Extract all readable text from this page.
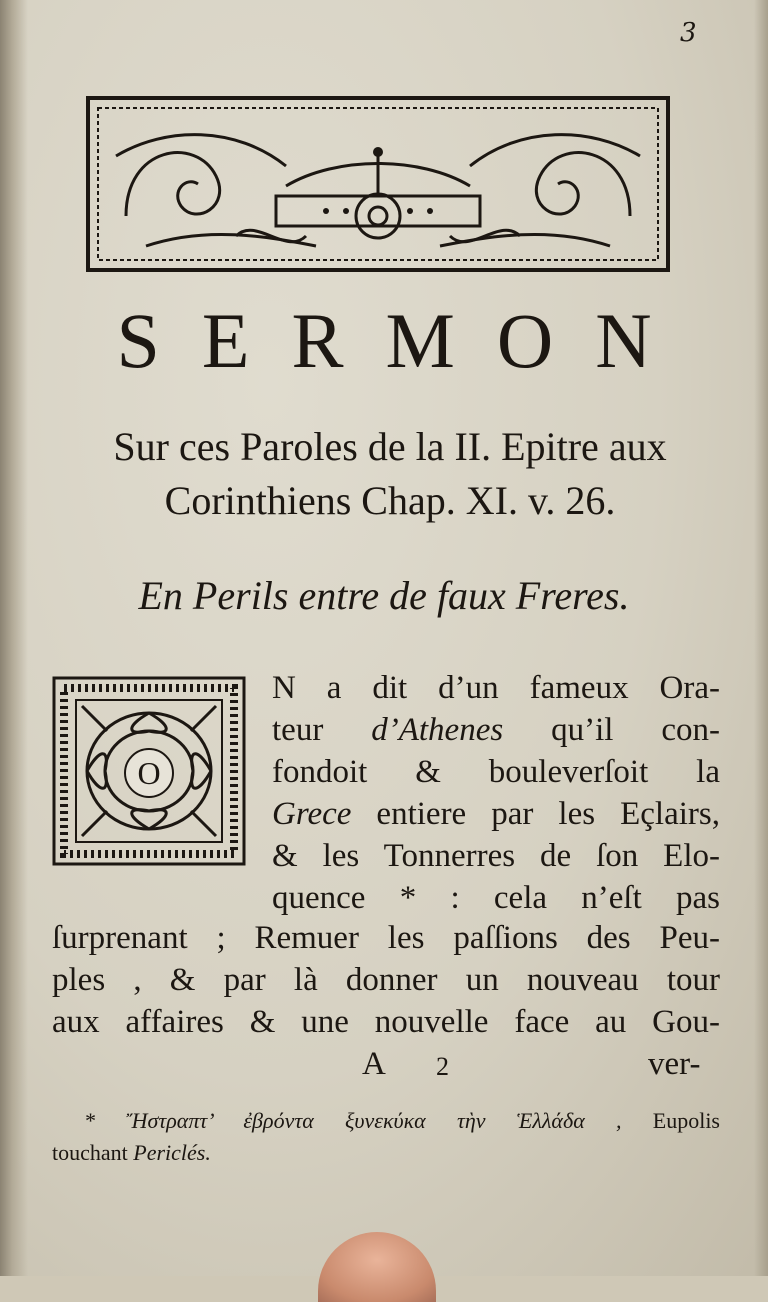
3
SERMON
Sur ces Paroles de la II. Epitre aux
Corinthiens Chap. XI. v. 26.
En Perils entre de faux Freres.
O
N a dit d’un fameux Ora-
teur d’Athenes qu’il con-
fondoit & bouleverſoit la
Grece entiere par les Eçlairs,
& les Tonnerres de ſon Elo-
quence * : cela n’eſt pas
ſurprenant ; Remuer les paſſions des Peu-
ples , & par là donner un nouveau tour
aux affaires & une nouvelle face au Gou-
A 2	ver-
* Ἤστραπτ’ ἐβρόντα ξυνεκύκα τὴν Ἑλλάδα , Eupolis
touchant Periclés.
